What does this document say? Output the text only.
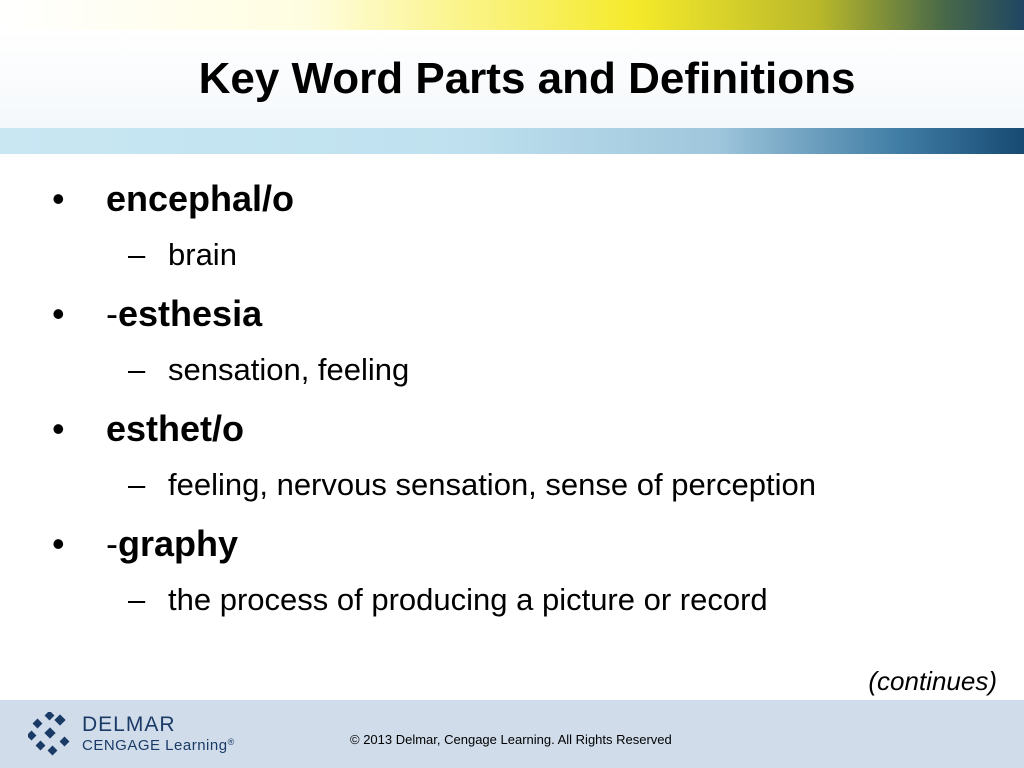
Key Word Parts and Definitions
• encephal/o
– brain
• -esthesia
– sensation, feeling
• esthet/o
– feeling, nervous sensation, sense of perception
• -graphy
– the process of producing a picture or record
(continues)
DELMAR
CENGAGE Learning®	© 2013 Delmar, Cengage Learning. All Rights Reserved
